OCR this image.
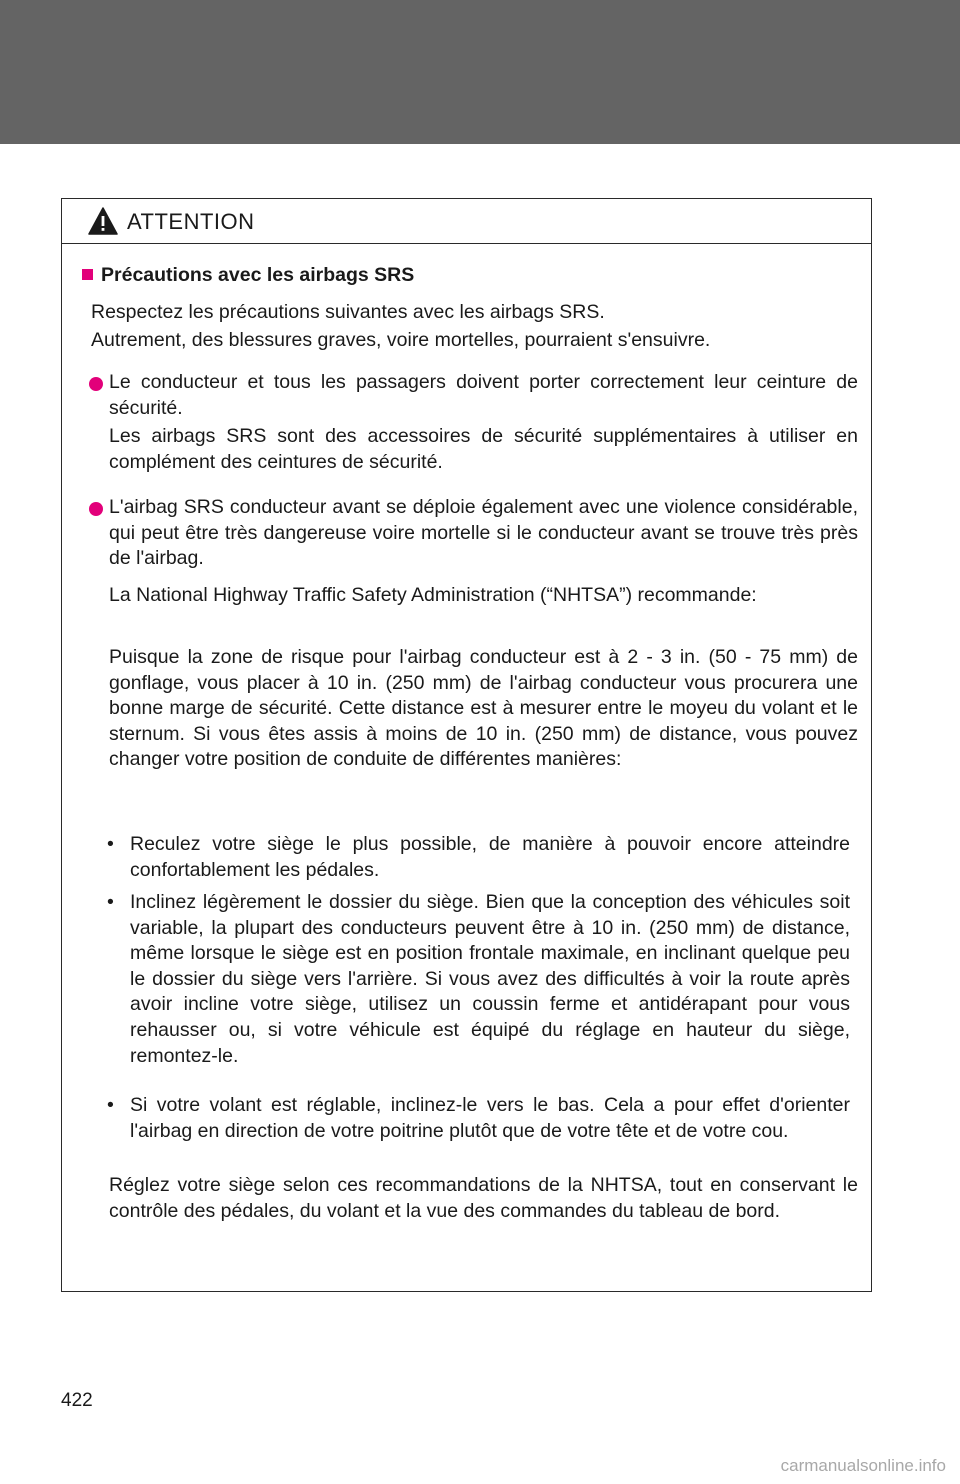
ATTENTION

Précautions avec les airbags SRS

Respectez les précautions suivantes avec les airbags SRS.

Autrement, des blessures graves, voire mortelles, pourraient s'ensuivre.

Le conducteur et tous les passagers doivent porter correctement leur ceinture de sécurité.

Les airbags SRS sont des accessoires de sécurité supplémentaires à utiliser en complément des ceintures de sécurité.

L'airbag SRS conducteur avant se déploie également avec une violence considérable, qui peut être très dangereuse voire mortelle si le conducteur avant se trouve très près de l'airbag.

La National Highway Traffic Safety Administration (“NHTSA”) recommande:

Puisque la zone de risque pour l'airbag conducteur est à 2 - 3 in. (50 - 75 mm) de gonflage, vous placer à 10 in. (250 mm) de l'airbag conducteur vous procurera une bonne marge de sécurité. Cette distance est à mesurer entre le moyeu du volant et le sternum. Si vous êtes assis à moins de 10 in. (250 mm) de distance, vous pouvez changer votre position de conduite de différentes manières:

• Reculez votre siège le plus possible, de manière à pouvoir encore atteindre confortablement les pédales.

• Inclinez légèrement le dossier du siège. Bien que la conception des véhicules soit variable, la plupart des conducteurs peuvent être à 10 in. (250 mm) de distance, même lorsque le siège est en position frontale maximale, en inclinant quelque peu le dossier du siège vers l'arrière. Si vous avez des difficultés à voir la route après avoir incline votre siège, utilisez un coussin ferme et antidérapant pour vous rehausser ou, si votre véhicule est équipé du réglage en hauteur du siège, remontez-le.

• Si votre volant est réglable, inclinez-le vers le bas. Cela a pour effet d'orienter l'airbag en direction de votre poitrine plutôt que de votre tête et de votre cou.

Réglez votre siège selon ces recommandations de la NHTSA, tout en conservant le contrôle des pédales, du volant et la vue des commandes du tableau de bord.

422
carmanualsonline.info
